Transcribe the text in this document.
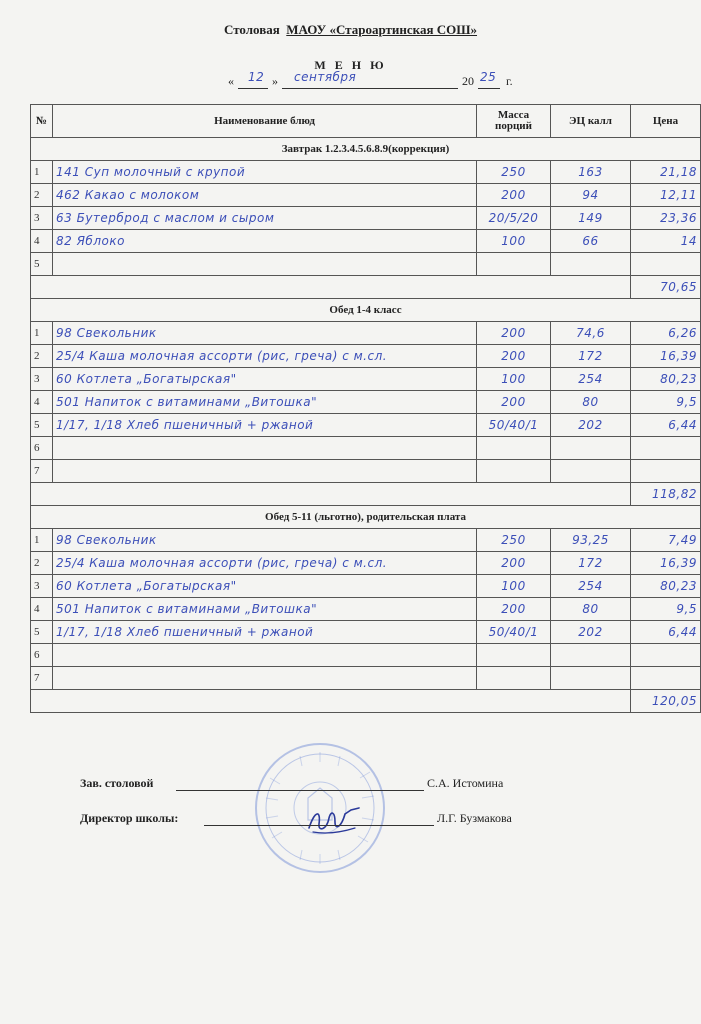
Столовая МАОУ «Староартинская СОШ»
М Е Н Ю
« 12 » сентября	20 25 г.
№	Наименование блюд	Масса порций	ЭЦ калл	Цена
Завтрак 1.2.3.4.5.6.8.9(коррекция)				
1	141 Суп молочный с крупой	250	163	21,18
2	462 Какао с молоком	200	94	12,11
3	63 Бутерброд с маслом и сыром	20/5/20	149	23,36
4	82 Яблоко	100	66	14
5				
				70,65
Обед 1-4 класс				
1	98 Свекольник	200	74,6	6,26
2	25/4 Каша молочная ассорти (рис, греча) с м.сл.	200	172	16,39
3	60 Котлета „Богатырская"	100	254	80,23
4	501 Напиток с витаминами „Витошка"	200	80	9,5
5	1/17, 1/18 Хлеб пшеничный + ржаной	50/40/1	202	6,44
6				
7				
				118,82
Обед 5-11 (льготно), родительская плата				
1	98 Свекольник	250	93,25	7,49
2	25/4 Каша молочная ассорти (рис, греча) с м.сл.	200	172	16,39
3	60 Котлета „Богатырская"	100	254	80,23
4	501 Напиток с витаминами „Витошка"	200	80	9,5
5	1/17, 1/18 Хлеб пшеничный + ржаной	50/40/1	202	6,44
6				
7				
				120,05
Зав. столовой	С.А. Истомина
Директор школы:	Л.Г. Бузмакова
